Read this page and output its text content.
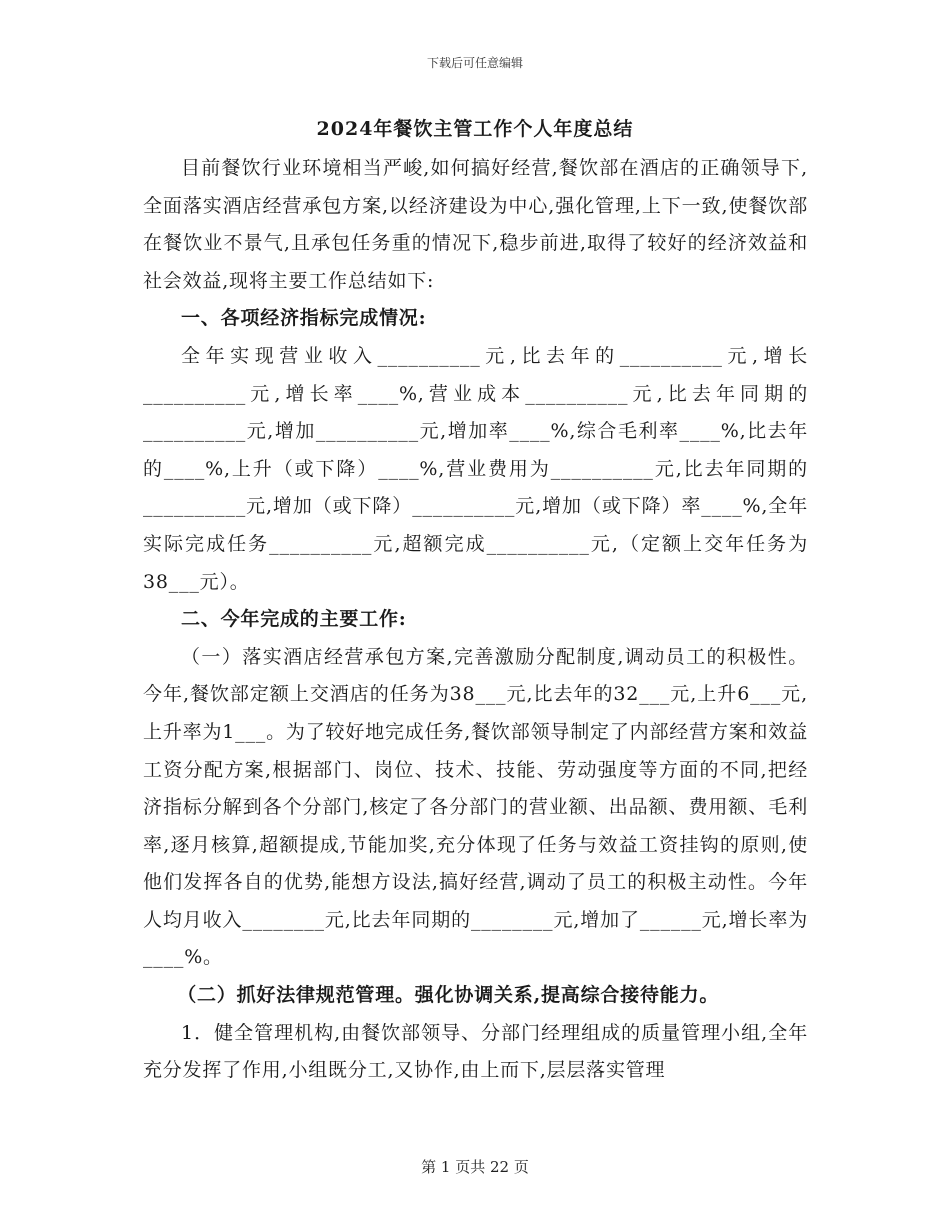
下载后可任意编辑
2024年餐饮主管工作个人年度总结

目前餐饮行业环境相当严峻,如何搞好经营,餐饮部在酒店的正确领导下,全面落实酒店经营承包方案,以经济建设为中心,强化管理,上下一致,使餐饮部在餐饮业不景气,且承包任务重的情况下,稳步前进,取得了较好的经济效益和社会效益,现将主要工作总结如下:

一、各项经济指标完成情况:

全年实现营业收入__________元,比去年的__________元,增长__________元,增长率____%,营业成本__________元,比去年同期的__________元,增加__________元,增加率____%,综合毛利率____%,比去年的____%,上升（或下降）____%,营业费用为__________元,比去年同期的__________元,增加（或下降）__________元,增加（或下降）率____%,全年实际完成任务__________元,超额完成__________元,（定额上交年任务为38___元）。

二、今年完成的主要工作:

（一）落实酒店经营承包方案,完善激励分配制度,调动员工的积极性。今年,餐饮部定额上交酒店的任务为38___元,比去年的32___元,上升6___元,上升率为1___。为了较好地完成任务,餐饮部领导制定了内部经营方案和效益工资分配方案,根据部门、岗位、技术、技能、劳动强度等方面的不同,把经济指标分解到各个分部门,核定了各分部门的营业额、出品额、费用额、毛利率,逐月核算,超额提成,节能加奖,充分体现了任务与效益工资挂钩的原则,使他们发挥各自的优势,能想方设法,搞好经营,调动了员工的积极主动性。今年人均月收入________元,比去年同期的________元,增加了______元,增长率为____%。

（二）抓好法律规范管理。强化协调关系,提高综合接待能力。

1．健全管理机构,由餐饮部领导、分部门经理组成的质量管理小组,全年充分发挥了作用,小组既分工,又协作,由上而下,层层落实管理

第 1 页共 22 页
